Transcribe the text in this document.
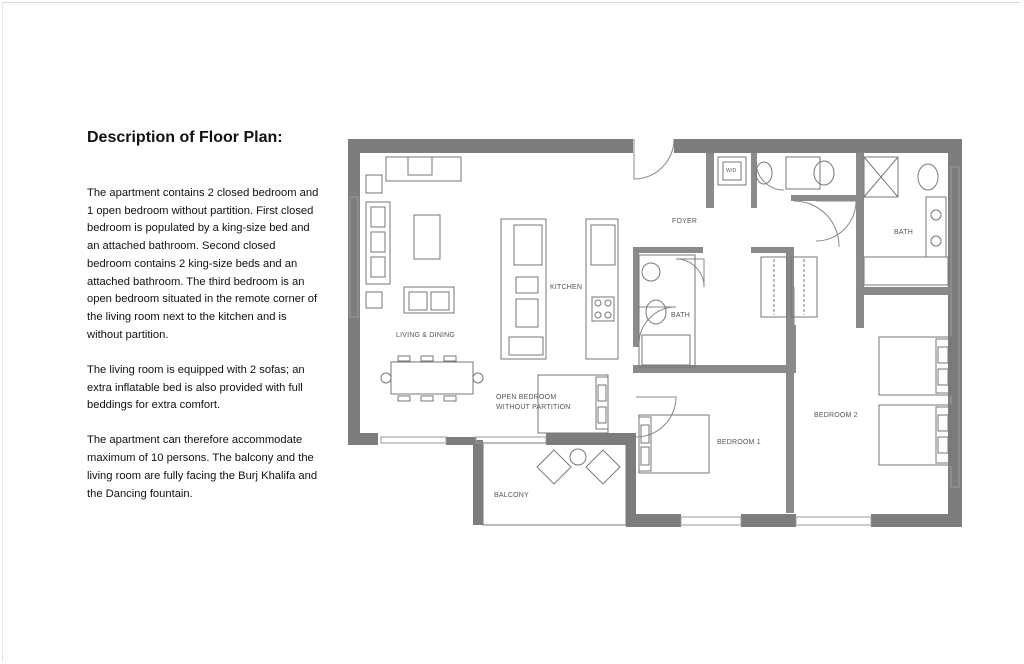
Description of Floor Plan:

The apartment contains 2 closed bedroom and 1 open bedroom without partition. First closed bedroom is populated by a king-size bed and an attached bathroom. Second closed bedroom contains 2 king-size beds and an attached bathroom. The third bedroom is an open bedroom situated in the remote corner of the living room next to the kitchen and is without partition.

The living room is equipped with 2 sofas; an extra inflatable bed is also provided with full beddings for extra comfort.

The apartment can therefore accommodate maximum of 10 persons. The balcony and the living room are fully facing the Burj Khalifa and the Dancing fountain.

FOYER
BATH
KITCHEN
LIVING & DINING
BATH
OPEN BEDROOM
WITHOUT PARTITION
BEDROOM 1
BEDROOM 2
BALCONY
W/D
